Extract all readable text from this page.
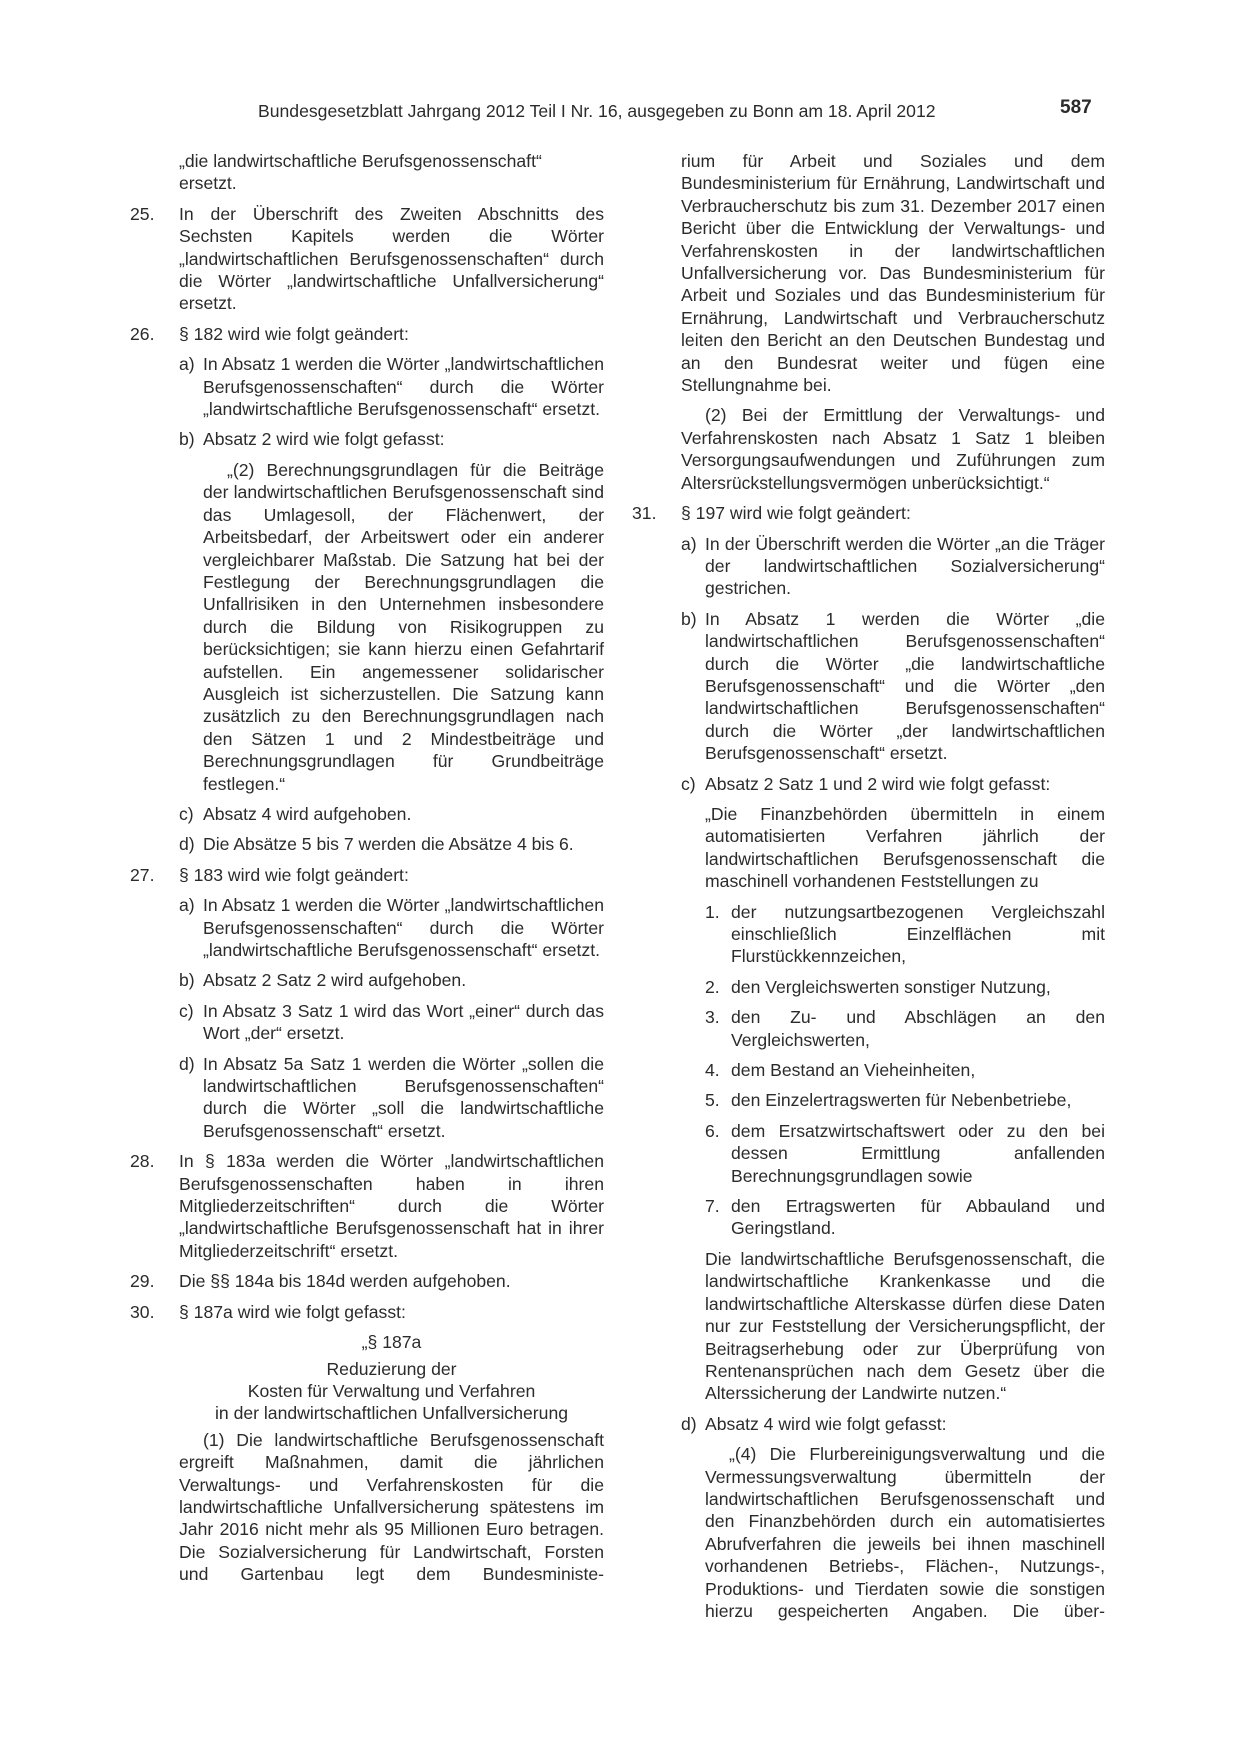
Bundesgesetzblatt Jahrgang 2012 Teil I Nr. 16, ausgegeben zu Bonn am 18. April 2012	587
„die landwirtschaftliche Berufsgenossenschaft“ ersetzt.
25. In der Überschrift des Zweiten Abschnitts des Sechsten Kapitels werden die Wörter „landwirtschaftlichen Berufsgenossenschaften“ durch die Wörter „landwirtschaftliche Unfallversicherung“ ersetzt.
26. § 182 wird wie folgt geändert:
a) In Absatz 1 werden die Wörter „landwirtschaftlichen Berufsgenossenschaften“ durch die Wörter „landwirtschaftliche Berufsgenossenschaft“ ersetzt.
b) Absatz 2 wird wie folgt gefasst:
„(2) Berechnungsgrundlagen für die Beiträge der landwirtschaftlichen Berufsgenossenschaft sind das Umlagesoll, der Flächenwert, der Arbeitsbedarf, der Arbeitswert oder ein anderer vergleichbarer Maßstab. Die Satzung hat bei der Festlegung der Berechnungsgrundlagen die Unfallrisiken in den Unternehmen insbesondere durch die Bildung von Risikogruppen zu berücksichtigen; sie kann hierzu einen Gefahrtarif aufstellen. Ein angemessener solidarischer Ausgleich ist sicherzustellen. Die Satzung kann zusätzlich zu den Berechnungsgrundlagen nach den Sätzen 1 und 2 Mindestbeiträge und Berechnungsgrundlagen für Grundbeiträge festlegen.“
c) Absatz 4 wird aufgehoben.
d) Die Absätze 5 bis 7 werden die Absätze 4 bis 6.
27. § 183 wird wie folgt geändert:
a) In Absatz 1 werden die Wörter „landwirtschaftlichen Berufsgenossenschaften“ durch die Wörter „landwirtschaftliche Berufsgenossenschaft“ ersetzt.
b) Absatz 2 Satz 2 wird aufgehoben.
c) In Absatz 3 Satz 1 wird das Wort „einer“ durch das Wort „der“ ersetzt.
d) In Absatz 5a Satz 1 werden die Wörter „sollen die landwirtschaftlichen Berufsgenossenschaften“ durch die Wörter „soll die landwirtschaftliche Berufsgenossenschaft“ ersetzt.
28. In § 183a werden die Wörter „landwirtschaftlichen Berufsgenossenschaften haben in ihren Mitgliederzeitschriften“ durch die Wörter „landwirtschaftliche Berufsgenossenschaft hat in ihrer Mitgliederzeitschrift“ ersetzt.
29. Die §§ 184a bis 184d werden aufgehoben.
30. § 187a wird wie folgt gefasst:
„§ 187a
Reduzierung der
Kosten für Verwaltung und Verfahren
in der landwirtschaftlichen Unfallversicherung
(1) Die landwirtschaftliche Berufsgenossenschaft ergreift Maßnahmen, damit die jährlichen Verwaltungs- und Verfahrenskosten für die landwirtschaftliche Unfallversicherung spätestens im Jahr 2016 nicht mehr als 95 Millionen Euro betragen. Die Sozialversicherung für Landwirtschaft, Forsten und Gartenbau legt dem Bundesministe-
rium für Arbeit und Soziales und dem Bundesministerium für Ernährung, Landwirtschaft und Verbraucherschutz bis zum 31. Dezember 2017 einen Bericht über die Entwicklung der Verwaltungs- und Verfahrenskosten in der landwirtschaftlichen Unfallversicherung vor. Das Bundesministerium für Arbeit und Soziales und das Bundesministerium für Ernährung, Landwirtschaft und Verbraucherschutz leiten den Bericht an den Deutschen Bundestag und an den Bundesrat weiter und fügen eine Stellungnahme bei.
(2) Bei der Ermittlung der Verwaltungs- und Verfahrenskosten nach Absatz 1 Satz 1 bleiben Versorgungsaufwendungen und Zuführungen zum Altersrückstellungsvermögen unberücksichtigt.“
31. § 197 wird wie folgt geändert:
a) In der Überschrift werden die Wörter „an die Träger der landwirtschaftlichen Sozialversicherung“ gestrichen.
b) In Absatz 1 werden die Wörter „die landwirtschaftlichen Berufsgenossenschaften“ durch die Wörter „die landwirtschaftliche Berufsgenossenschaft“ und die Wörter „den landwirtschaftlichen Berufsgenossenschaften“ durch die Wörter „der landwirtschaftlichen Berufsgenossenschaft“ ersetzt.
c) Absatz 2 Satz 1 und 2 wird wie folgt gefasst:
„Die Finanzbehörden übermitteln in einem automatisierten Verfahren jährlich der landwirtschaftlichen Berufsgenossenschaft die maschinell vorhandenen Feststellungen zu
1. der nutzungsartbezogenen Vergleichszahl einschließlich Einzelflächen mit Flurstückkennzeichen,
2. den Vergleichswerten sonstiger Nutzung,
3. den Zu- und Abschlägen an den Vergleichswerten,
4. dem Bestand an Vieheinheiten,
5. den Einzelertragswerten für Nebenbetriebe,
6. dem Ersatzwirtschaftswert oder zu den bei dessen Ermittlung anfallenden Berechnungsgrundlagen sowie
7. den Ertragswerten für Abbauland und Geringstland.
Die landwirtschaftliche Berufsgenossenschaft, die landwirtschaftliche Krankenkasse und die landwirtschaftliche Alterskasse dürfen diese Daten nur zur Feststellung der Versicherungspflicht, der Beitragserhebung oder zur Überprüfung von Rentenansprüchen nach dem Gesetz über die Alterssicherung der Landwirte nutzen.“
d) Absatz 4 wird wie folgt gefasst:
„(4) Die Flurbereinigungsverwaltung und die Vermessungsverwaltung übermitteln der landwirtschaftlichen Berufsgenossenschaft und den Finanzbehörden durch ein automatisiertes Abrufverfahren die jeweils bei ihnen maschinell vorhandenen Betriebs-, Flächen-, Nutzungs-, Produktions- und Tierdaten sowie die sonstigen hierzu gespeicherten Angaben. Die über-
